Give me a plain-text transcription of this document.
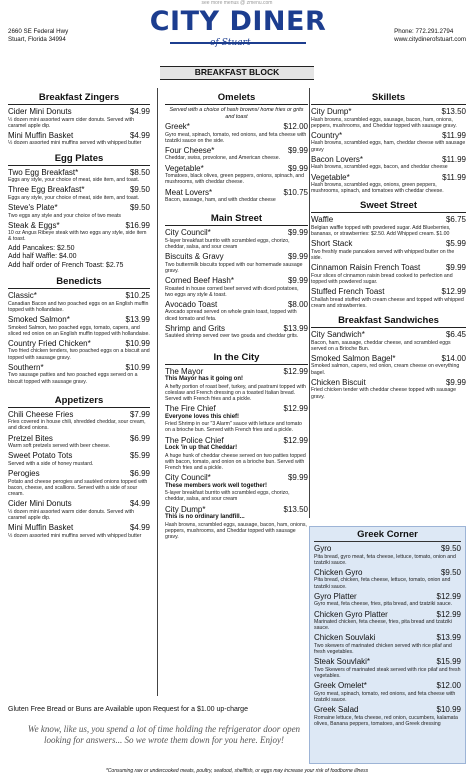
see more menus @ zmenu.com
2660 SE Federal Hwy
Stuart, Florida 34994
CITY DINER
of Stuart
Phone: 772.291.2794
www.citydinerofstuart.com
BREAKFAST BLOCK
Breakfast Zingers
Cider Mini Donuts	$4.99
½ dozen mini assorted warm cider donuts. Served with caramel apple dip.
Mini Muffin Basket	$4.99
½ dozen assorted mini muffins served with whipped butter
Egg Plates
Two Egg Breakfast*	$8.50
Eggs any style, your choice of meat, side item, and toast.
Three Egg Breakfast*	$9.50
Eggs any style, your choice of meat, side item, and toast.
Steve's Plate*	$9.50
Two eggs any style and your choice of two meats
Steak & Eggs*	$16.99
10 oz Angus Ribeye steak with two eggs any style, side item & toast.
Add Pancakes: $2.50
Add half Waffle: $4.00
Add half order of French Toast: $2.75
Benedicts
Classic*	$10.25
Canadian Bacon and two poached eggs on an English muffin topped with hollandaise.
Smoked Salmon*	$13.99
Smoked Salmon, two poached eggs, tomato, capers, and sliced red onion on an English muffin topped with hollandaise.
Country Fried Chicken*	$10.99
Two fried chicken tenders, two poached eggs on a biscuit and topped with sausage gravy.
Southern*	$10.99
Two sausage patties and two poached eggs served on a biscuit topped with sausage gravy.
Appetizers
Chili Cheese Fries	$7.99
Fries covered in house chili, shredded cheddar, sour cream, and diced onions.
Pretzel Bites	$6.99
Warm soft pretzels served with beer cheese.
Sweet Potato Tots	$5.99
Served with a side of honey mustard.
Perogies	$6.99
Potato and cheese perogies and sautéed onions topped with bacon, cheese, and scallions. Served with a side of sour cream.
Cider Mini Donuts	$4.99
½ dozen mini assorted warm cider donuts. Served with caramel apple dip.
Mini Muffin Basket	$4.99
½ dozen assorted mini muffins served with whipped butter
Omelets
Served with a choice of hash browns/ home fries or grits and toast
Greek*	$12.00
Gyro meat, spinach, tomato, red onions, and feta cheese with tzatziki sauce on the side.
Four Cheese*	$9.99
Cheddar, swiss, provolone, and American cheese.
Vegetable*	$9.99
Tomatoes, black olives, green peppers, onions, spinach, and mushrooms, with cheddar cheese.
Meat Lovers*	$10.75
Bacon, sausage, ham, and with cheddar cheese
Main Street
City Council*	$9.99
5-layer breakfast burrito with scrambled eggs, chorizo, cheddar, salsa, and sour cream
Biscuits & Gravy	$9.99
Two buttermilk biscuits topped with our homemade sausage gravy.
Corned Beef Hash*	$9.99
Roasted in house corned beef served with diced potatoes, two eggs any style & toast.
Avocado Toast	$8.00
Avocado spread served on whole grain toast, topped with diced tomato and feta.
Shrimp and Grits	$13.99
Sautéed shrimp served over two gouda and cheddar grits.
In the City
The Mayor	$12.99
This Mayor has it going on!
A hefty portion of roast beef, turkey, and pastrami topped with coleslaw and French dressing on a toasted Italian bread. Served with French fries and a pickle.
The Fire Chief	$12.99
Everyone loves this chief!
Fried Shrimp in our "3 Alarm" sauce with lettuce and tomato on a brioche bun. Served with French fries and a pickle.
The Police Chief	$12.99
Lock 'in up that Cheddar!
A huge hunk of cheddar cheese served on two patties topped with bacon, tomato, and onion on a brioche bun. Served with French fries and a pickle.
City Council*	$9.99
These members work well together!
5-layer breakfast burrito with scrambled eggs, chorizo, cheddar, salsa, and sour cream
City Dump*	$13.50
This is no ordinary landfill...
Hash browns, scrambled eggs, sausage, bacon, ham, onions, peppers, mushrooms, and Cheddar topped with sausage gravy.
Skillets
City Dump*	$13.50
Hash browns, scrambled eggs, sausage, bacon, ham, onions, peppers, mushrooms, and Cheddar topped with sausage gravy.
Country*	$11.99
Hash browns, scrambled eggs, ham, cheddar cheese with sausage gravy
Bacon Lovers*	$11.99
Hash browns, scrambled eggs, bacon, and cheddar cheese
Vegetable*	$11.99
Hash browns, scrambled eggs, onions, green peppers, mushrooms, spinach, and tomatoes with cheddar cheese.
Sweet Street
Waffle	$6.75
Belgian waffle topped with powdered sugar. Add Blueberries, bananas, or strawberries: $2.50. Add Whipped cream. $1.00
Short Stack	$5.99
Two freshly made pancakes served with whipped butter on the side.
Cinnamon Raisin French Toast	$9.99
Four slices of cinnamon raisin bread cooked to perfection and topped with powdered sugar.
Stuffed French Toast	$12.99
Challah bread stuffed with cream cheese and topped with whipped cream and strawberries.
Breakfast Sandwiches
City Sandwich*	$6.45
Bacon, ham, sausage, cheddar cheese, and scrambled eggs served on a Brioche Bun.
Smoked Salmon Bagel*	$14.00
Smoked salmon, capers, red onion, cream cheese on everything bagel.
Chicken Biscuit	$9.99
Fried chicken tender with cheddar cheese topped with sausage gravy.
Greek Corner
Gyro	$9.50
Pita bread, gyro meat, feta cheese, lettuce, tomato, onion and tzatziki sauce.
Chicken Gyro	$9.50
Pita bread, chicken, feta cheese, lettuce, tomato, onion and tzatziki sauce.
Gyro Platter	$12.99
Gyro meat, feta cheese, fries, pita bread, and tzatziki sauce.
Chicken Gyro Platter	$12.99
Marinated chicken, feta cheese, fries, pita bread and tzatziki sauce.
Chicken Souvlaki	$13.99
Two skewers of marinated chicken served with rice pilaf and fresh vegetables.
Steak Souvlaki*	$15.99
Two Skewers of marinated steak served with rice pilaf and fresh vegetables.
Greek Omelet*	$12.00
Gyro meat, spinach, tomato, red onions, and feta cheese with tzatziki sauce.
Greek Salad	$10.99
Romaine lettuce, feta cheese, red onion, cucumbers, kalamata olives, Banana peppers, tomatoes, and Greek dressing
Gluten Free Bread or Buns are Available upon Request for a $1.00 up-charge
We know, like us, you spend a lot of time holding the refrigerator door open looking for answers... So we wrote them down for you here. Enjoy!
*Consuming raw or undercooked meats, poultry, seafood, shellfish, or eggs may increase your risk of foodborne illness
